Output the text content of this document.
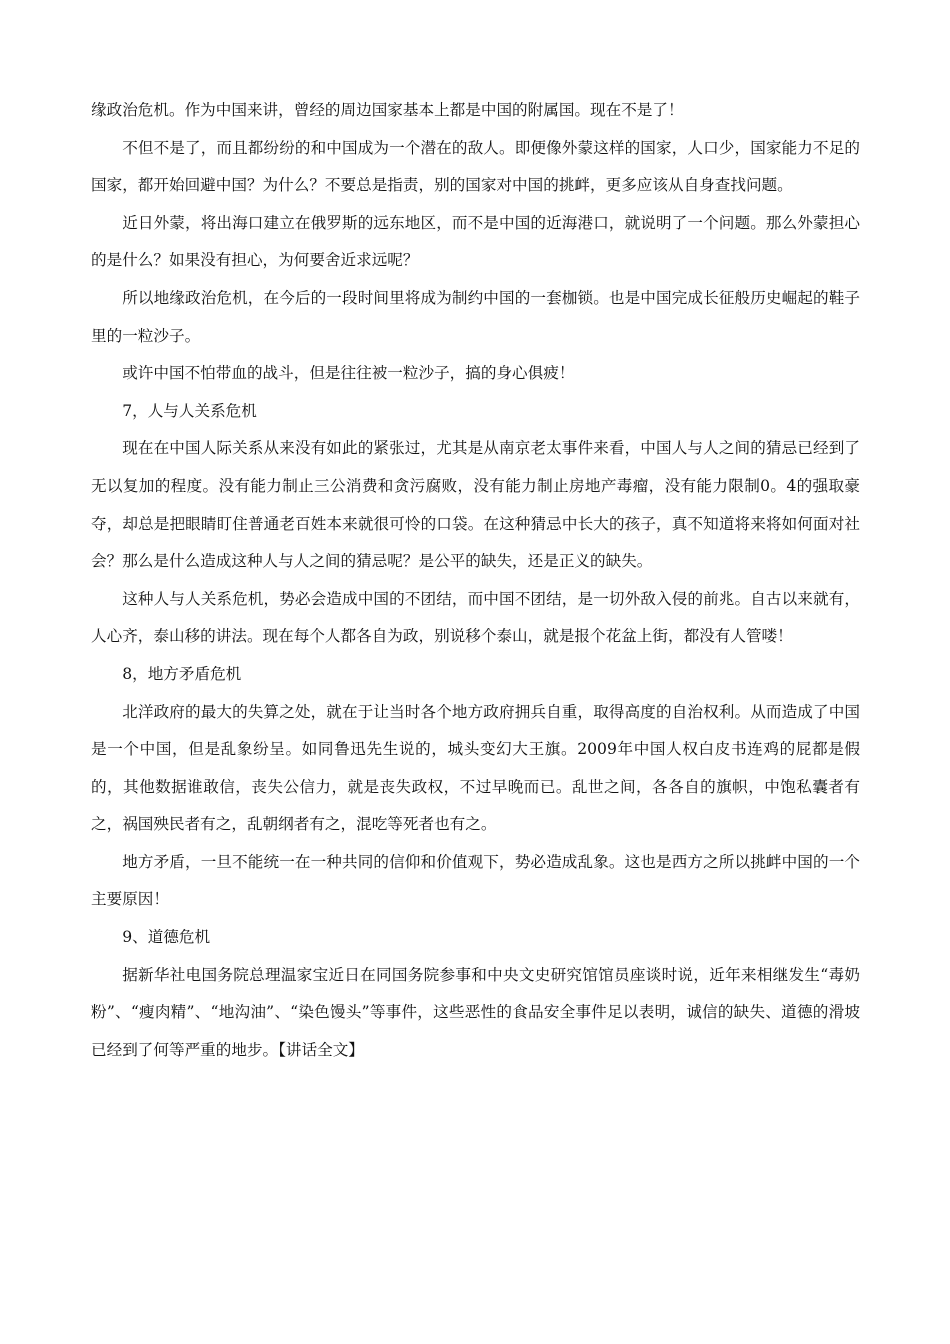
缘政治危机。作为中国来讲，曾经的周边国家基本上都是中国的附属国。现在不是了！

不但不是了，而且都纷纷的和中国成为一个潜在的敌人。即便像外蒙这样的国家，人口少，国家能力不足的国家，都开始回避中国？为什么？不要总是指责，别的国家对中国的挑衅，更多应该从自身查找问题。

近日外蒙，将出海口建立在俄罗斯的远东地区，而不是中国的近海港口，就说明了一个问题。那么外蒙担心的是什么？如果没有担心，为何要舍近求远呢？

所以地缘政治危机，在今后的一段时间里将成为制约中国的一套枷锁。也是中国完成长征般历史崛起的鞋子里的一粒沙子。

或许中国不怕带血的战斗，但是往往被一粒沙子，搞的身心俱疲！

7，人与人关系危机

现在在中国人际关系从来没有如此的紧张过，尤其是从南京老太事件来看，中国人与人之间的猜忌已经到了无以复加的程度。没有能力制止三公消费和贪污腐败，没有能力制止房地产毒瘤，没有能力限制0。4的强取豪夺，却总是把眼睛盯住普通老百姓本来就很可怜的口袋。在这种猜忌中长大的孩子，真不知道将来将如何面对社会？那么是什么造成这种人与人之间的猜忌呢？是公平的缺失，还是正义的缺失。

这种人与人关系危机，势必会造成中国的不团结，而中国不团结，是一切外敌入侵的前兆。自古以来就有，人心齐，泰山移的讲法。现在每个人都各自为政，别说移个泰山，就是报个花盆上街，都没有人管喽！

8，地方矛盾危机

北洋政府的最大的失算之处，就在于让当时各个地方政府拥兵自重，取得高度的自治权利。从而造成了中国是一个中国，但是乱象纷呈。如同鲁迅先生说的，城头变幻大王旗。2009年中国人权白皮书连鸡的屁都是假的，其他数据谁敢信，丧失公信力，就是丧失政权，不过早晚而已。乱世之间，各各自的旗帜，中饱私囊者有之，祸国殃民者有之，乱朝纲者有之，混吃等死者也有之。

地方矛盾，一旦不能统一在一种共同的信仰和价值观下，势必造成乱象。这也是西方之所以挑衅中国的一个主要原因！

9、道德危机

据新华社电国务院总理温家宝近日在同国务院参事和中央文史研究馆馆员座谈时说，近年来相继发生“毒奶粉”、“瘦肉精”、“地沟油”、“染色馒头”等事件，这些恶性的食品安全事件足以表明，诚信的缺失、道德的滑坡已经到了何等严重的地步。【讲话全文】
